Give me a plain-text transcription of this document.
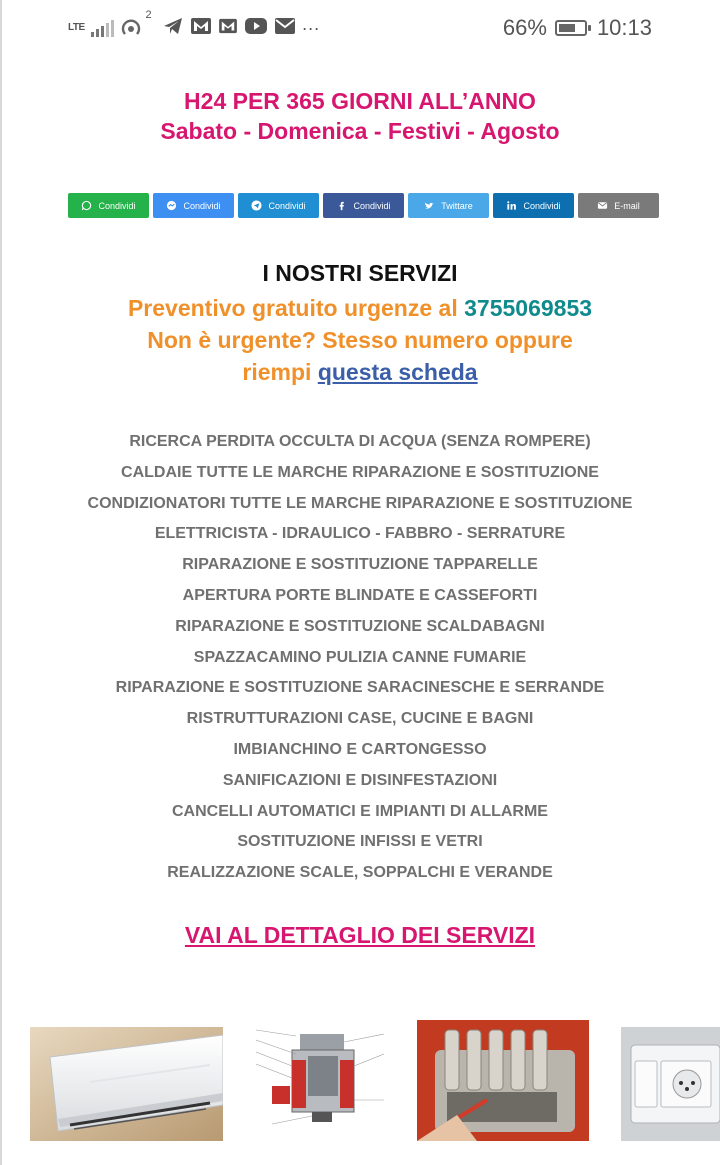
LTE
2
···	66% 10:13
H24 PER 365 GIORNI ALL’ANNO
Sabato - Domenica - Festivi - Agosto
Condividi	Condividi	Condividi	Condividi	Twittare	Condividi	E-mail
I NOSTRI SERVIZI
Preventivo gratuito urgenze al 3755069853
Non è urgente? Stesso numero oppure
riempi questa scheda
RICERCA PERDITA OCCULTA DI ACQUA (SENZA ROMPERE)
CALDAIE TUTTE LE MARCHE RIPARAZIONE E SOSTITUZIONE
CONDIZIONATORI TUTTE LE MARCHE RIPARAZIONE E SOSTITUZIONE
ELETTRICISTA - IDRAULICO - FABBRO - SERRATURE
RIPARAZIONE E SOSTITUZIONE TAPPARELLE
APERTURA PORTE BLINDATE E CASSEFORTI
RIPARAZIONE E SOSTITUZIONE SCALDABAGNI
SPAZZACAMINO PULIZIA CANNE FUMARIE
RIPARAZIONE E SOSTITUZIONE SARACINESCHE E SERRANDE
RISTRUTTURAZIONI CASE, CUCINE E BAGNI
IMBIANCHINO E CARTONGESSO
SANIFICAZIONI E DISINFESTAZIONI
CANCELLI AUTOMATICI E IMPIANTI DI ALLARME
SOSTITUZIONE INFISSI E VETRI
REALIZZAZIONE SCALE, SOPPALCHI E VERANDE
VAI AL DETTAGLIO DEI SERVIZI
